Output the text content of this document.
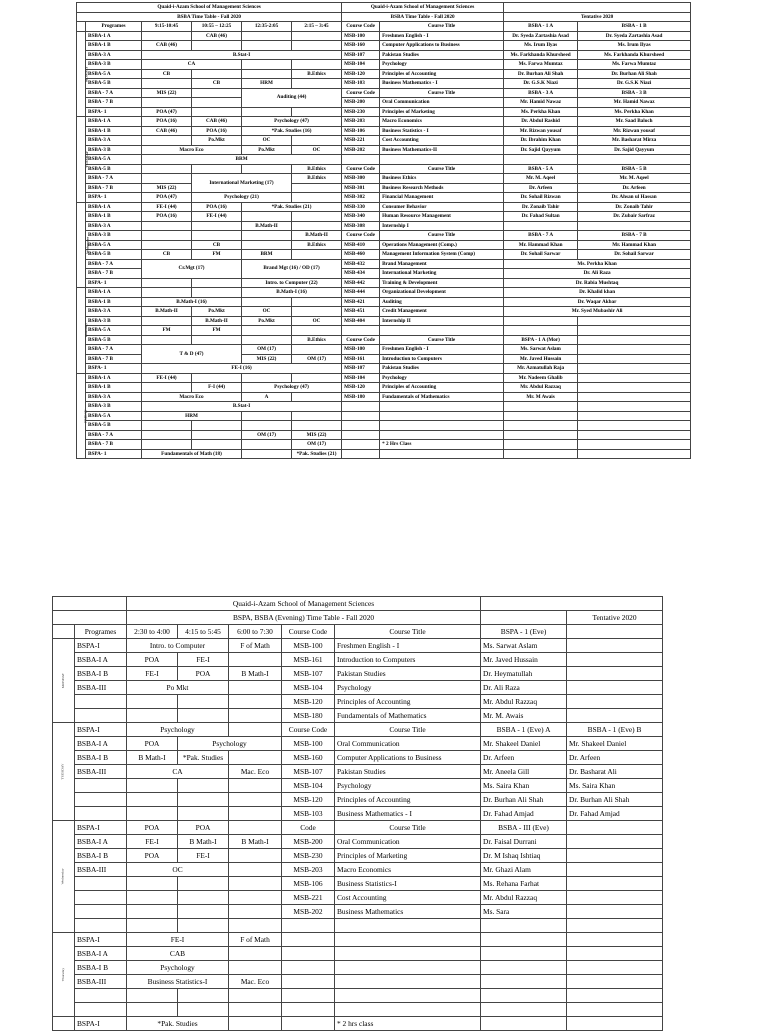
Quaid-i-Azam School of Management Sciences						Quaid-i-Azam School of Management Sciences			
BSBA Time Table - Fall 2020						BSBA Time Table - Fall 2020		Tentative 2020	
	Programes	9:15-10:45	10:55 – 12:25	12:35-2:05	2:15 – 3:45	Course Code	Course Title	BSBA - 1 A	BSBA - 1 B
MONDAY	BSBA-1 A		CAB (46)			MSB-100	Freshmen English - I	Dr. Syeda Zartashia Asad	Dr. Syeda Zartashia Asad
	BSBA-1 B	CAB (46)				MSB-160	Computer Applications to Business	Ms. Irum Ilyas	Ms. Irum Ilyas
	BSBA-3 A	B.Stat-I				MSB-107	Pakistan Studies	Ms. Farkhanda Khursheed	Ms. Farkhanda Khursheed
	BSBA-3 B	CA				MSB-104	Psychology	Ms. Farwa Mumtaz	Ms. Farwa Mumtaz
	BSBA-5 A	CB			B.Ethics	MSB-120	Principles of Accounting	Dr. Burhan Ali Shah	Dr. Burhan Ali Shah
	BSBA-5 B		CB	HRM		MSB-103	Business Mathematics - I	Dr. G.S.K Niazi	Dr. G.S.K Niazi
	BSBA - 7 A	MIS (22)		Auditing (44)		Course Code	Course Title	BSBA - 3 A	BSBA - 3 B
	BSBA - 7 B					MSB-200	Oral Communication	Mr. Hamid Nawaz	Mr. Hamid Nawaz
	BSPA- 1	POA (47)				MSB-230	Principles of Marketing	Ms. Perkha Khan	Ms. Perkha Khan
TUESDAY	BSBA-1 A	POA (16)	CAB (46)	Psychology (47)		MSB-203	Macro Economics	Dr. Abdul Rashid	Mr. Saad Baloch
	BSBA-1 B	CAB (46)	POA (16)	*Pak. Studies (16)		MSB-106	Business Statistics - I	Mr. Rizwan yousaf	Mr. Rizwan yousaf
	BSBA-3 A		Po.Mkt	OC		MSB-221	Cost Accounting	Dr. Ibrahim Khan	Mr. Basharat Mirza
	BSBA-3 B	Macro Eco		Po.Mkt	OC	MSB-202	Business Mathematics-II	Dr. Sajid Qayyum	Dr. Sajid Qayyum
	BSBA-5 A	BRM							
	BSBA-5 B				B.Ethics	Course Code	Course Title	BSBA - 5 A	BSBA - 5 B
	BSBA - 7 A		International Marketing (17)		B.Ethics	MSB-300	Business Ethics	Mr. M. Aqeel	Mr. M. Aqeel
	BSBA - 7 B	MIS (22)				MSB-301	Business Research Methods	Dr. Arfeen	Dr. Arfeen
	BSPA- 1	POA (47)	Psychology (21)			MSB-302	Financial Management	Dr. Sohail Rizwan	Dr. Ahsan ul Hassan
Wednesday	BSBA-1 A	FE-I (44)	POA (16)	*Pak. Studies (21)		MSB-330	Consumer Behavior	Dr. Zonaib Tahir	Dr. Zonaib Tahir
	BSBA-1 B	POA (16)	FE-I (44)			MSB-340	Human Resource Management	Dr. Fahad Sultan	Dr. Zubair Sarfraz
	BSBA-3 A			B.Math-II		MSB-308	Internship I		
	BSBA-3 B				B.Math-II	Course Code	Course Title	BSBA - 7 A	BSBA - 7 B
	BSBA-5 A		CB		B.Ethics	MSB-410	Operations Management (Comp.)	Mr. Hammad Khan	Mr. Hammad Khan
	BSBA-5 B	CB	FM	BRM		MSB-460	Management Information System (Comp)	Dr. Sohail Sarwar	Dr. Sohail Sarwar
	BSBA - 7 A	Cr.Mgt (17)		Brand Mgt (16) / OD (17)		MSB-432	Brand Management	Ms. Perkha Khan	
	BSBA - 7 B					MSB-434	International Marketing	Dr. Ali Raza	
	BSPA- 1			Intro. to Computer (22)		MSB-442	Training & Development	Dr. Rabia Mushtaq	
Thursday	BSBA-1 A			B.Math-I (16)		MSB-444	Organizational Development	Dr. Khalid khan	
	BSBA-1 B	B.Math-I (16)				MSB-421	Auditing	Dr. Waqar Akbar	
	BSBA-3 A	B.Math-II	Po.Mkt	OC		MSB-451	Credit Management	Mr. Syed Mubashir Ali	
	BSBA-3 B		B.Math-II	Po.Mkt	OC	MSB-404	Internship II		
	BSBA-5 A	FM	FM						
	BSBA-5 B				B.Ethics	Course Code	Course Title	BSPA - 1 A (Mor)	
	BSBA - 7 A	T & D (47)		OM (17)		MSB-100	Freshmen English - I	Ms. Sarwat Aslam	
	BSBA - 7 B			MIS (22)	OM (17)	MSB-161	Introduction to Computers	Mr. Javed Hussain	
	BSPA- 1	FE-I (16)				MSB-107	Pakistan Studies	Mr. Azmatullah Raja	
FRIDAY	BSBA-1 A	FE-I (44)				MSB-104	Psychology	Mr. Nadeem Ghalib	
	BSBA-1 B		F-I (44)	Psychology (47)		MSB-120	Principles of Accounting	Mr. Abdul Razzaq	
	BSBA-3 A	Macro Eco		A		MSB-180	Fundamentals of Mathematics	Mr. M Awais	
	BSBA-3 B	B.Stat-I							
	BSBA-5 A	HRM							
	BSBA-5 B								
	BSBA - 7 A			OM (17)	MIS (22)				
	BSBA - 7 B				OM (17)		* 2 Hrs Class		
	BSPA- 1	Fundamentals of Math (18)			*Pak. Studies (21)				
		Quaid-i-Azam School of Management Sciences						
		BSPA, BSBA (Evening) Time Table - Fall 2020						Tentative 2020
	Programes	2:30 to 4:00	4:15 to 5:45	6:00 to 7:30	Course Code	Course Title	BSPA - 1 (Eve)	
MONDAY	BSPA-I	Intro. to Computer		F of Math	MSB-100	Freshmen English - I	Ms. Sarwat Aslam	
	BSBA-I A	POA	FE-I		MSB-161	Introduction to Computers	Mr. Javed Hussain	
	BSBA-I B	FE-I	POA	B Math-I	MSB-107	Pakistan Studies	Dr. Heymatullah	
	BSBA-III	Po Mkt			MSB-104	Psychology	Dr. Ali Raza	
					MSB-120	Principles of Accounting	Mr. Abdul Razzaq	
					MSB-180	Fundamentals of Mathematics	Mr. M. Awais	
TUESDAY	BSPA-I	Psychology			Course Code	Course Title	BSBA - 1 (Eve) A	BSBA - 1 (Eve) B
	BSBA-I A	POA	Psychology		MSB-100	Oral Communication	Mr. Shakeel Daniel	Mr. Shakeel Daniel
	BSBA-I B	B Math-I	*Pak. Studies		MSB-160	Computer Applications to Business	Dr. Arfeen	Dr. Arfeen
	BSBA-III	CA		Mac. Eco	MSB-107	Pakistan Studies	Mr. Aneela Gill	Dr. Basharat Ali
					MSB-104	Psychology	Ms. Saira Khan	Ms. Saira Khan
					MSB-120	Principles of Accounting	Dr. Burhan Ali Shah	Dr. Burhan Ali Shah
					MSB-103	Business Mathematics - I	Dr. Fahad Amjad	Dr. Fahad Amjad
Wednesday	BSPA-I	POA	POA		Code	Course Title	BSBA - III (Eve)	
	BSBA-I A	FE-I	B Math-I	B Math-I	MSB-200	Oral Communication	Dr. Faisal Durrani	
	BSBA-I B	POA	FE-I		MSB-230	Principles of Marketing	Dr. M Ishaq Ishtiaq	
	BSBA-III	OC			MSB-203	Macro Economics	Mr. Ghazi Alam	
					MSB-106	Business Statistics-I	Ms. Rehana Farhat	
					MSB-221	Cost Accounting	Mr. Abdul Razzaq	
					MSB-202	Business Mathematics	Ms. Sara	

Thursday	BSPA-I	FE-I		F of Math				
	BSBA-I A	CAB						
	BSBA-I B	Psychology						
	BSBA-III	Business Statistics-I		Mac. Eco				

	BSPA-I	*Pak. Studies				* 2 hrs class		
